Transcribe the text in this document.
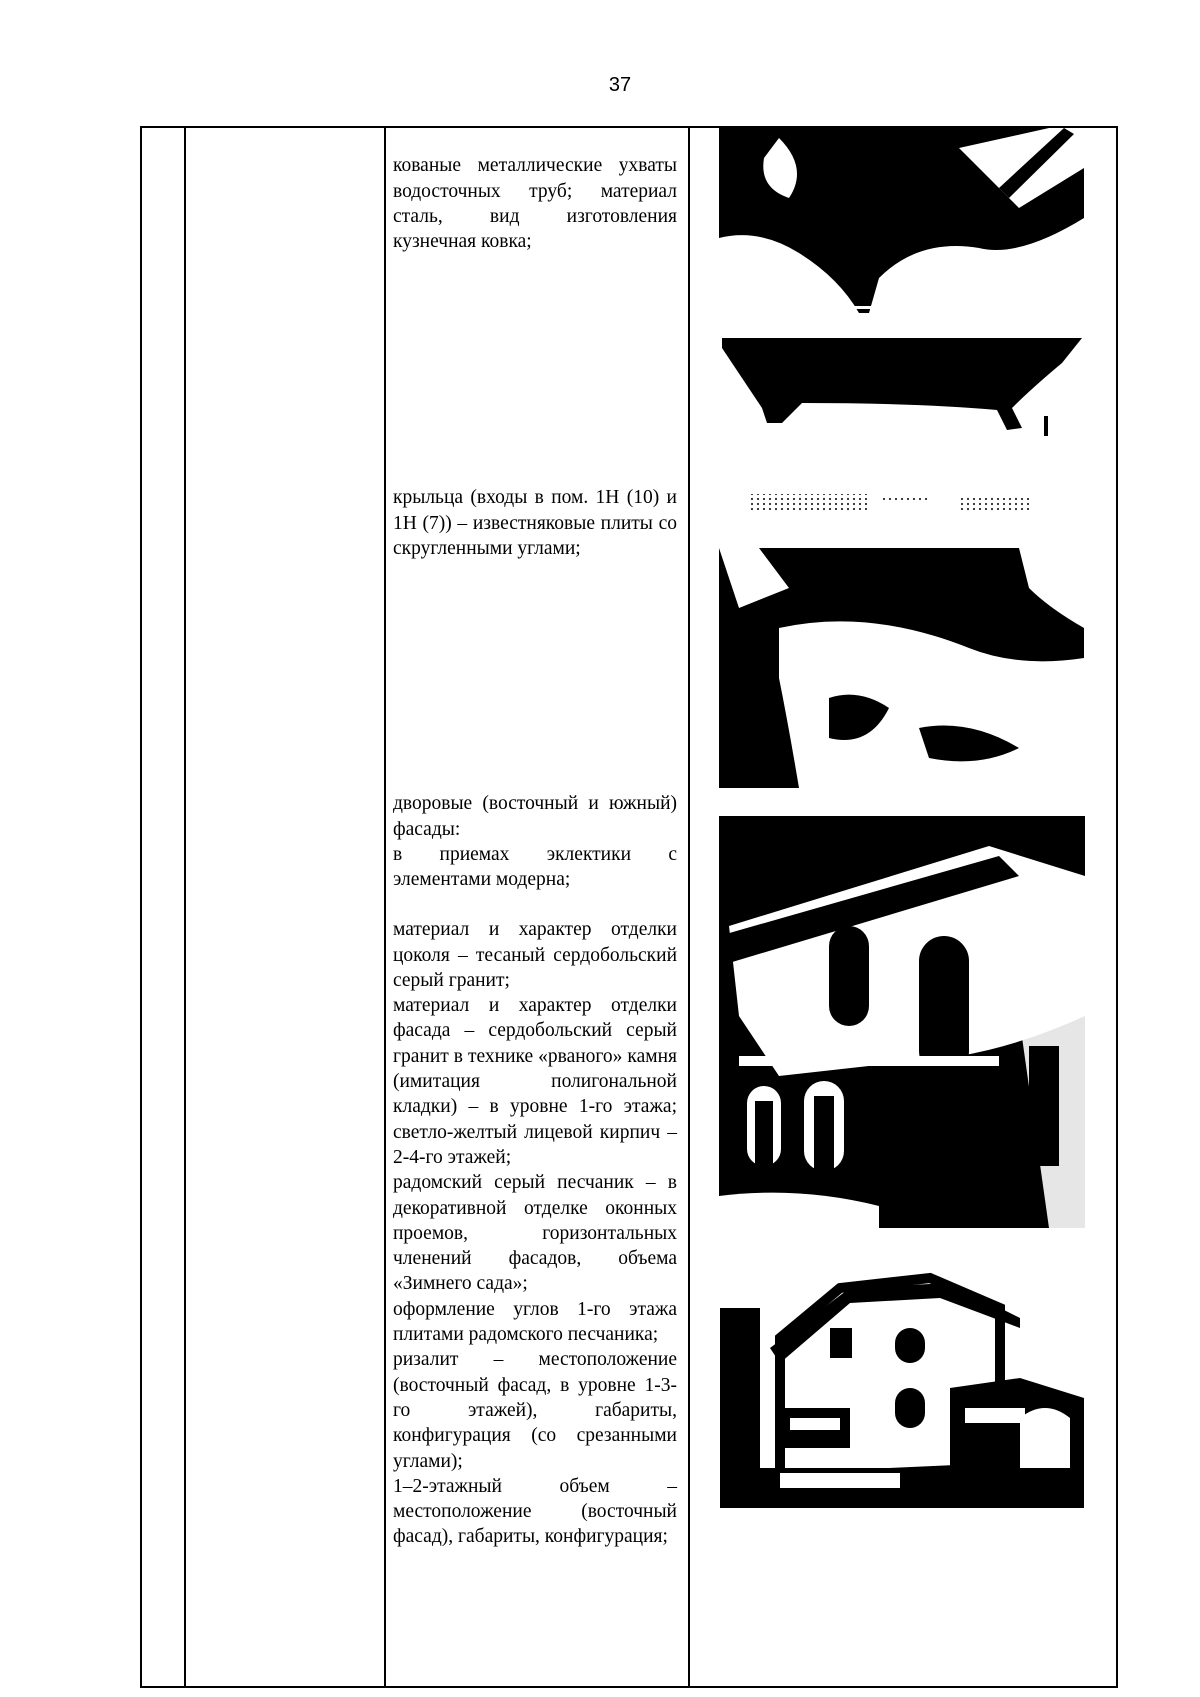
37

кованые металлические ухваты водосточных труб; материал сталь, вид изготовления кузнечная ковка;

крыльца (входы в пом. 1Н (10) и 1Н (7)) – известняковые плиты со скругленными углами;

дворовые (восточный и южный) фасады:
в приемах эклектики с элементами модерна;

материал и характер отделки цоколя – тесаный сердобольский серый гранит;
материал и характер отделки фасада – сердобольский серый гранит в технике «рваного» камня (имитация полигональной кладки) – в уровне 1-го этажа; светло-желтый лицевой кирпич – 2-4-го этажей;
радомский серый песчаник – в декоративной отделке оконных проемов, горизонтальных членений фасадов, объема «Зимнего сада»;
оформление углов 1-го этажа плитами радомского песчаника;
ризалит – местоположение (восточный фасад, в уровне 1-3-го этажей), габариты, конфигурация (со срезанными углами);
1–2-этажный объем – местоположение (восточный фасад), габариты, конфигурация;
